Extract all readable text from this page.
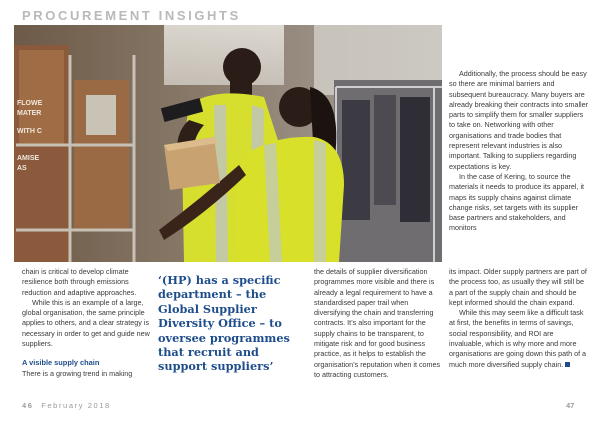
PROCUREMENT INSIGHTS
FLOWE
MATER
WITH C
AMISE
AS

Additionally, the process should be easy so there are minimal barriers and subsequent bureaucracy. Many buyers are already breaking their contracts into smaller parts to simplify them for smaller suppliers to take on. Networking with other organisations and trade bodies that represent relevant industries is also important. Talking to suppliers regarding expectations is key.

In the case of Kering, to source the materials it needs to produce its apparel, it maps its supply chains against climate change risks, set targets with its supplier base partners and stakeholders, and monitors

chain is critical to develop climate resilience both through emissions reduction and adaptive approaches.

While this is an example of a large, global organisation, the same principle applies to others, and a clear strategy is necessary in order to get and guide new suppliers.

A visible supply chain

There is a growing trend in making

‘(HP) has a specific department – the Global Supplier Diversity Office – to oversee programmes that recruit and support suppliers’

the details of supplier diversification programmes more visible and there is already a legal requirement to have a standardised paper trail when diversifying the chain and transferring contracts. It’s also important for the supply chains to be transparent, to mitigate risk and for good business practice, as it helps to establish the organisation’s reputation when it comes to attracting customers.

its impact. Older supply partners are part of the process too, as usually they will still be a part of the supply chain and should be kept informed should the chain expand.

While this may seem like a difficult task at first, the benefits in terms of savings, social responsibility, and ROI are invaluable, which is why more and more organisations are going down this path of a much more diversified supply chain.

46 February 2018	47
